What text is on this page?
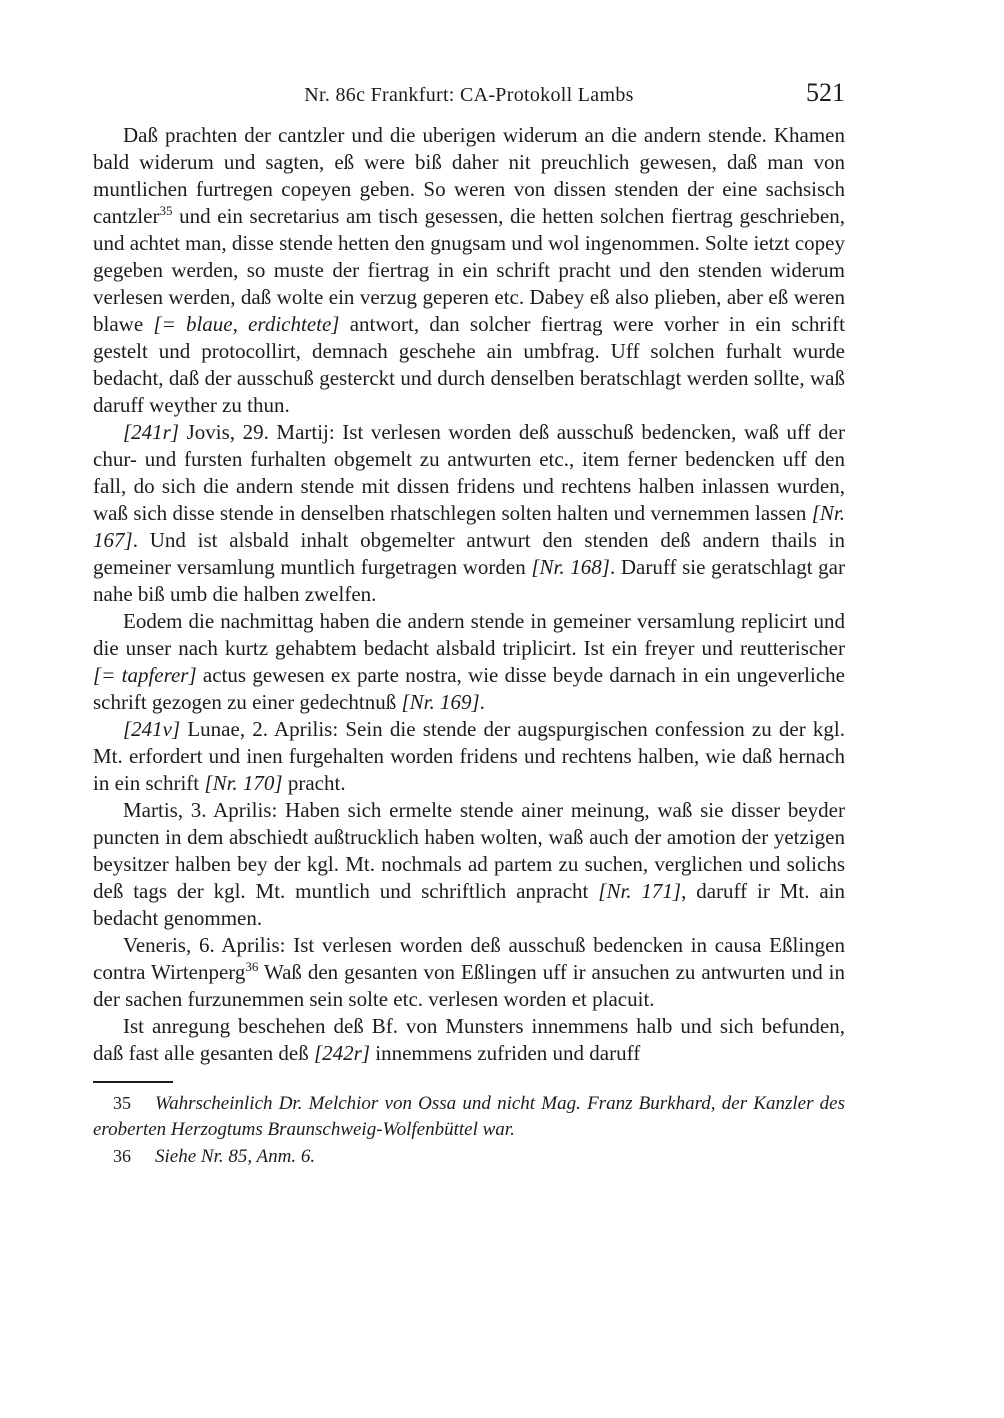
Nr. 86c Frankfurt: CA-Protokoll Lambs	521

Daß prachten der cantzler und die uberigen widerum an die andern stende. Khamen bald widerum und sagten, eß were biß daher nit preuchlich gewesen, daß man von muntlichen furtregen copeyen geben. So weren von dissen stenden der eine sachsisch cantzler$^{35}$ und ein secretarius am tisch gesessen, die hetten solchen fiertrag geschrieben, und achtet man, disse stende hetten den gnugsam und wol ingenommen. Solte ietzt copey gegeben werden, so muste der fiertrag in ein schrift pracht und den stenden widerum verlesen werden, daß wolte ein verzug geperen etc. Dabey eß also plieben, aber eß weren blawe [= blaue, erdichtete] antwort, dan solcher fiertrag were vorher in ein schrift gestelt und protocollirt, demnach geschehe ain umbfrag. Uff solchen furhalt wurde bedacht, daß der ausschuß gesterckt und durch denselben beratschlagt werden sollte, waß daruff weyther zu thun.

[241r] Jovis, 29. Martij: Ist verlesen worden deß ausschuß bedencken, waß uff der chur- und fursten furhalten obgemelt zu antwurten etc., item ferner bedencken uff den fall, do sich die andern stende mit dissen fridens und rechtens halben inlassen wurden, waß sich disse stende in denselben rhatschlegen solten halten und vernemmen lassen [Nr. 167]. Und ist alsbald inhalt obgemelter antwurt den stenden deß andern thails in gemeiner versamlung muntlich furgetragen worden [Nr. 168]. Daruff sie geratschlagt gar nahe biß umb die halben zwelfen.

Eodem die nachmittag haben die andern stende in gemeiner versamlung replicirt und die unser nach kurtz gehabtem bedacht alsbald triplicirt. Ist ein freyer und reutterischer [= tapferer] actus gewesen ex parte nostra, wie disse beyde darnach in ein ungeverliche schrift gezogen zu einer gedechtnuß [Nr. 169].

[241v] Lunae, 2. Aprilis: Sein die stende der augspurgischen confession zu der kgl. Mt. erfordert und inen furgehalten worden fridens und rechtens halben, wie daß hernach in ein schrift [Nr. 170] pracht.

Martis, 3. Aprilis: Haben sich ermelte stende ainer meinung, waß sie disser beyder puncten in dem abschiedt außtrucklich haben wolten, waß auch der amotion der yetzigen beysitzer halben bey der kgl. Mt. nochmals ad partem zu suchen, verglichen und solichs deß tags der kgl. Mt. muntlich und schriftlich anpracht [Nr. 171], daruff ir Mt. ain bedacht genommen.

Veneris, 6. Aprilis: Ist verlesen worden deß ausschuß bedencken in causa Eßlingen contra Wirtenperg$^{36}$ Waß den gesanten von Eßlingen uff ir ansuchen zu antwurten und in der sachen furzunemmen sein solte etc. verlesen worden et placuit.

Ist anregung beschehen deß Bf. von Munsters innemmens halb und sich befunden, daß fast alle gesanten deß [242r] innemmens zufriden und daruff

35 Wahrscheinlich Dr. Melchior von Ossa und nicht Mag. Franz Burkhard, der Kanzler des eroberten Herzogtums Braunschweig-Wolfenbüttel war.
36 Siehe Nr. 85, Anm. 6.
